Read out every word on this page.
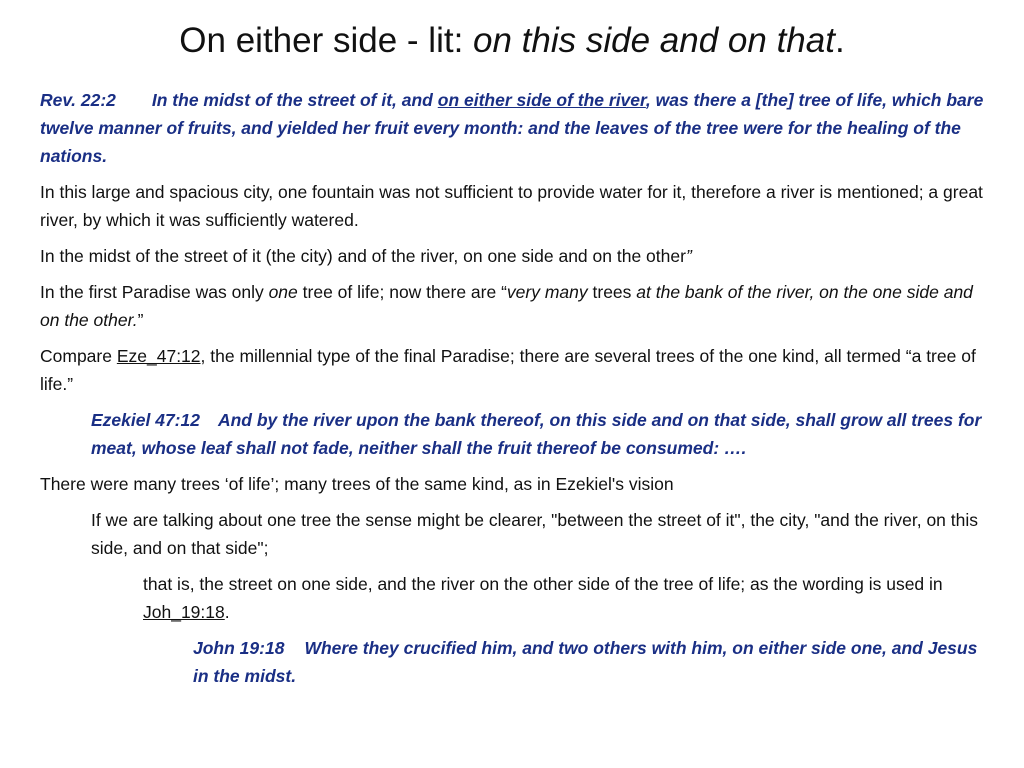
On either side - lit: on this side and on that.

Rev. 22:2 In the midst of the street of it, and on either side of the river, was there a [the] tree of life, which bare twelve manner of fruits, and yielded her fruit every month: and the leaves of the tree were for the healing of the nations.

In this large and spacious city, one fountain was not sufficient to provide water for it, therefore a river is mentioned; a great river, by which it was sufficiently watered.

In the midst of the street of it (the city) and of the river, on one side and on the other”

In the first Paradise was only one tree of life; now there are “very many trees at the bank of the river, on the one side and on the other.”

Compare Eze_47:12, the millennial type of the final Paradise; there are several trees of the one kind, all termed “a tree of life.”

Ezekiel 47:12 And by the river upon the bank thereof, on this side and on that side, shall grow all trees for meat, whose leaf shall not fade, neither shall the fruit thereof be consumed: ….

There were many trees ‘of life’; many trees of the same kind, as in Ezekiel's vision

If we are talking about one tree the sense might be clearer, "between the street of it", the city, "and the river, on this side, and on that side";

that is, the street on one side, and the river on the other side of the tree of life; as the wording is used in Joh_19:18.

John 19:18 Where they crucified him, and two others with him, on either side one, and Jesus in the midst.
